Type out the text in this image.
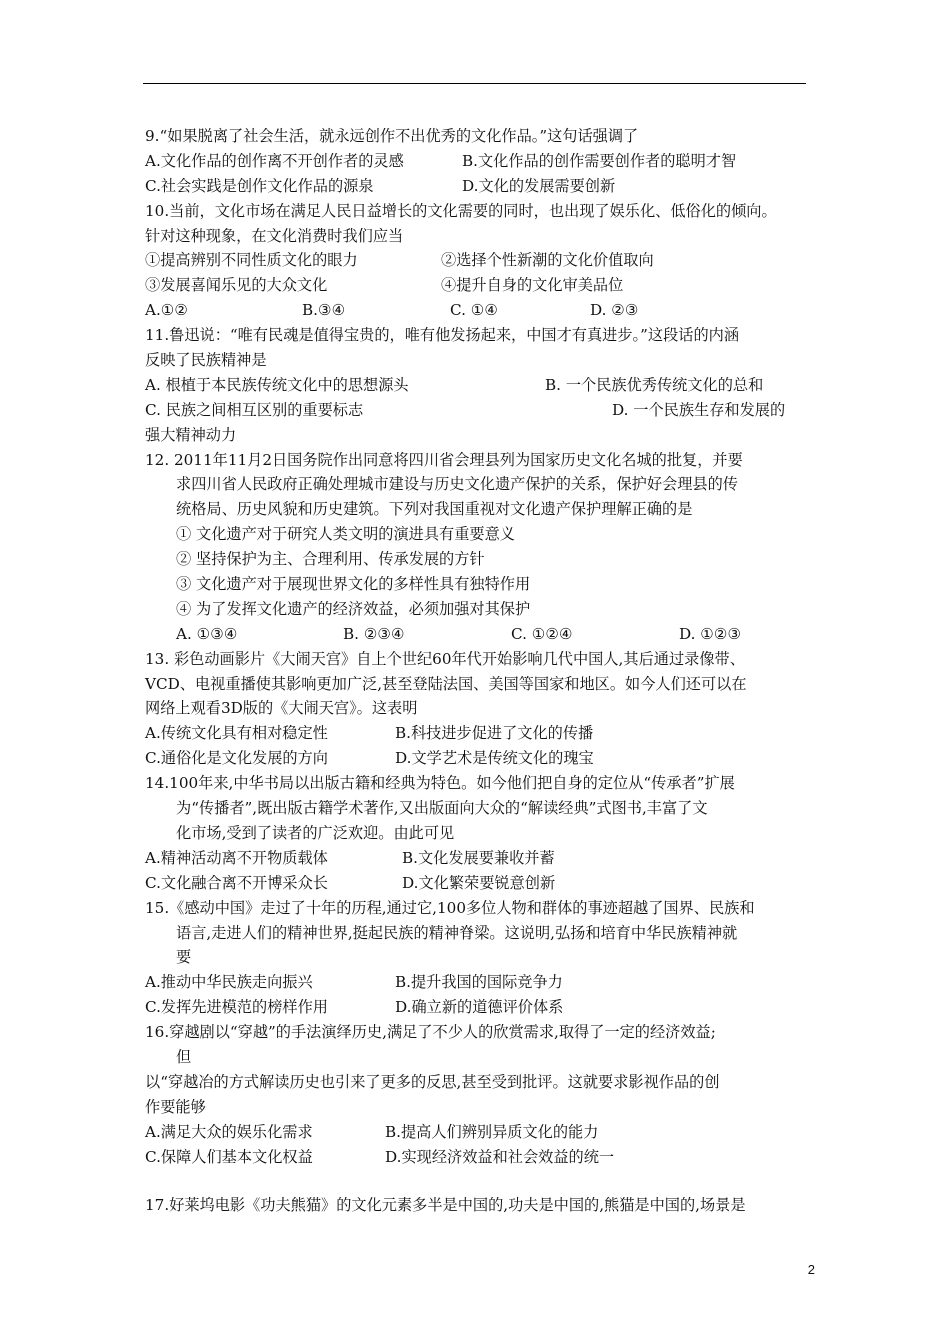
9.“如果脱离了社会生活，就永远创作不出优秀的文化作品。”这句话强调了
A.文化作品的创作离不开创作者的灵感	B.文化作品的创作需要创作者的聪明才智
C.社会实践是创作文化作品的源泉	D.文化的发展需要创新
10.当前，文化市场在满足人民日益增长的文化需要的同时，也出现了娱乐化、低俗化的倾向。
针对这种现象，在文化消费时我们应当
①提高辨别不同性质文化的眼力	②选择个性新潮的文化价值取向
③发展喜闻乐见的大众文化	④提升自身的文化审美品位
A.①②	B.③④	C. ①④	D. ②③
11.鲁迅说：“唯有民魂是值得宝贵的，唯有他发扬起来，中国才有真进步。”这段话的内涵
反映了民族精神是
A. 根植于本民族传统文化中的思想源头	B. 一个民族优秀传统文化的总和
C. 民族之间相互区别的重要标志	D. 一个民族生存和发展的
强大精神动力
12. 2011年11月2日国务院作出同意将四川省会理县列为国家历史文化名城的批复，并要
求四川省人民政府正确处理城市建设与历史文化遗产保护的关系，保护好会理县的传
统格局、历史风貌和历史建筑。下列对我国重视对文化遗产保护理解正确的是
① 文化遗产对于研究人类文明的演进具有重要意义
② 坚持保护为主、合理利用、传承发展的方针
③ 文化遗产对于展现世界文化的多样性具有独特作用
④ 为了发挥文化遗产的经济效益，必须加强对其保护
A. ①③④	B. ②③④	C. ①②④	D. ①②③
13. 彩色动画影片《大闹天宫》自上个世纪60年代开始影响几代中国人,其后通过录像带、
VCD、电视重播使其影响更加广泛,甚至登陆法国、美国等国家和地区。如今人们还可以在
网络上观看3D版的《大闹天宫》。这表明
A.传统文化具有相对稳定性	B.科技进步促进了文化的传播
C.通俗化是文化发展的方向	D.文学艺术是传统文化的瑰宝
14.100年来,中华书局以出版古籍和经典为特色。如今他们把自身的定位从“传承者”扩展
为“传播者”,既出版古籍学术著作,又出版面向大众的“解读经典”式图书,丰富了文
化市场,受到了读者的广泛欢迎。由此可见
A.精神活动离不开物质载体	B.文化发展要兼收并蓄
C.文化融合离不开博采众长	D.文化繁荣要锐意创新
15.《感动中国》走过了十年的历程,通过它,100多位人物和群体的事迹超越了国界、民族和
语言,走进人们的精神世界,挺起民族的精神脊梁。这说明,弘扬和培育中华民族精神就
要
A.推动中华民族走向振兴	B.提升我国的国际竞争力
C.发挥先进模范的榜样作用	D.确立新的道德评价体系
16.穿越剧以“穿越”的手法演绎历史,满足了不少人的欣赏需求,取得了一定的经济效益;
但
以“穿越冶的方式解读历史也引来了更多的反思,甚至受到批评。这就要求影视作品的创
作要能够
A.满足大众的娱乐化需求	B.提高人们辨别异质文化的能力
C.保障人们基本文化权益	D.实现经济效益和社会效益的统一
17.好莱坞电影《功夫熊猫》的文化元素多半是中国的,功夫是中国的,熊猫是中国的,场景是
2
